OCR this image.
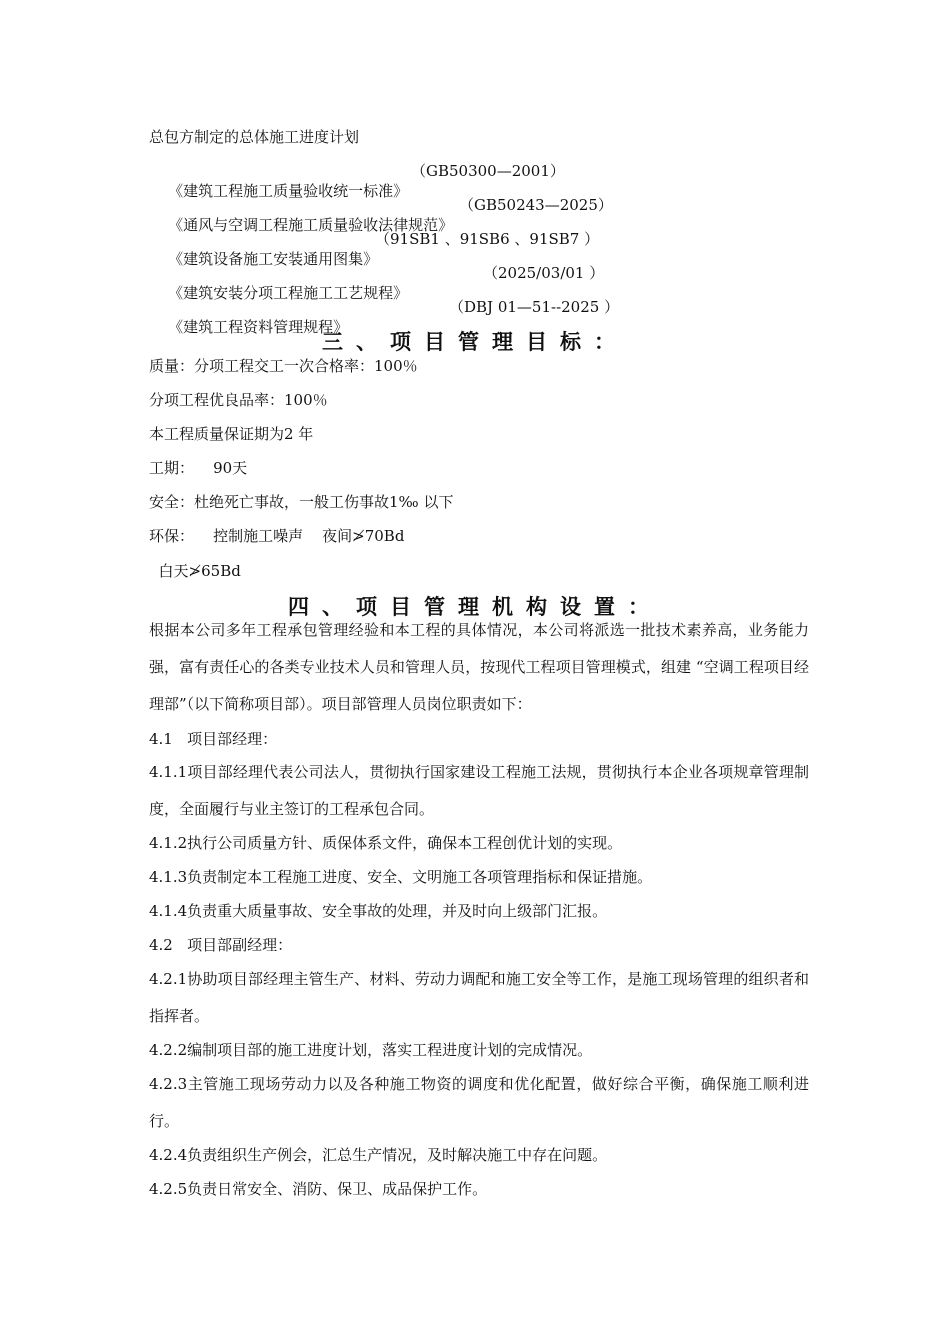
总包方制定的总体施工进度计划

《建筑工程施工质量验收统一标准》

（GB50300—2001）

《通风与空调工程施工质量验收法律规范》

（GB50243—2025）

《建筑设备施工安装通用图集》

（91SB1 、91SB6 、91SB7 ）

《建筑安装分项工程施工工艺规程》

（2025/03/01 ）

《建筑工程资料管理规程》

（DBJ 01—51--2025 ）

三、项目管理目标：
质量：分项工程交工一次合格率：100％
分项工程优良品率：100％
本工程质量保证期为2 年
工期：    90天
安全：杜绝死亡事故，一般工伤事故1‰ 以下
环保：    控制施工噪声    夜间≯70Bd
白天≯65Bd
四、项目管理机构设置：
根据本公司多年工程承包管理经验和本工程的具体情况，本公司将派选一批技术素养高，业务能力强，富有责任心的各类专业技术人员和管理人员，按现代工程项目管理模式，组建 “空调工程项目经理部”（以下简称项目部）。项目部管理人员岗位职责如下：
4.1   项目部经理：
4.1.1项目部经理代表公司法人，贯彻执行国家建设工程施工法规，贯彻执行本企业各项规章管理制度，全面履行与业主签订的工程承包合同。
4.1.2执行公司质量方针、质保体系文件，确保本工程创优计划的实现。
4.1.3负责制定本工程施工进度、安全、文明施工各项管理指标和保证措施。
4.1.4负责重大质量事故、安全事故的处理，并及时向上级部门汇报。
4.2   项目部副经理：
4.2.1协助项目部经理主管生产、材料、劳动力调配和施工安全等工作，是施工现场管理的组织者和指挥者。
4.2.2编制项目部的施工进度计划，落实工程进度计划的完成情况。
4.2.3主管施工现场劳动力以及各种施工物资的调度和优化配置，做好综合平衡，确保施工顺利进行。
4.2.4负责组织生产例会，汇总生产情况，及时解决施工中存在问题。
4.2.5负责日常安全、消防、保卫、成品保护工作。
